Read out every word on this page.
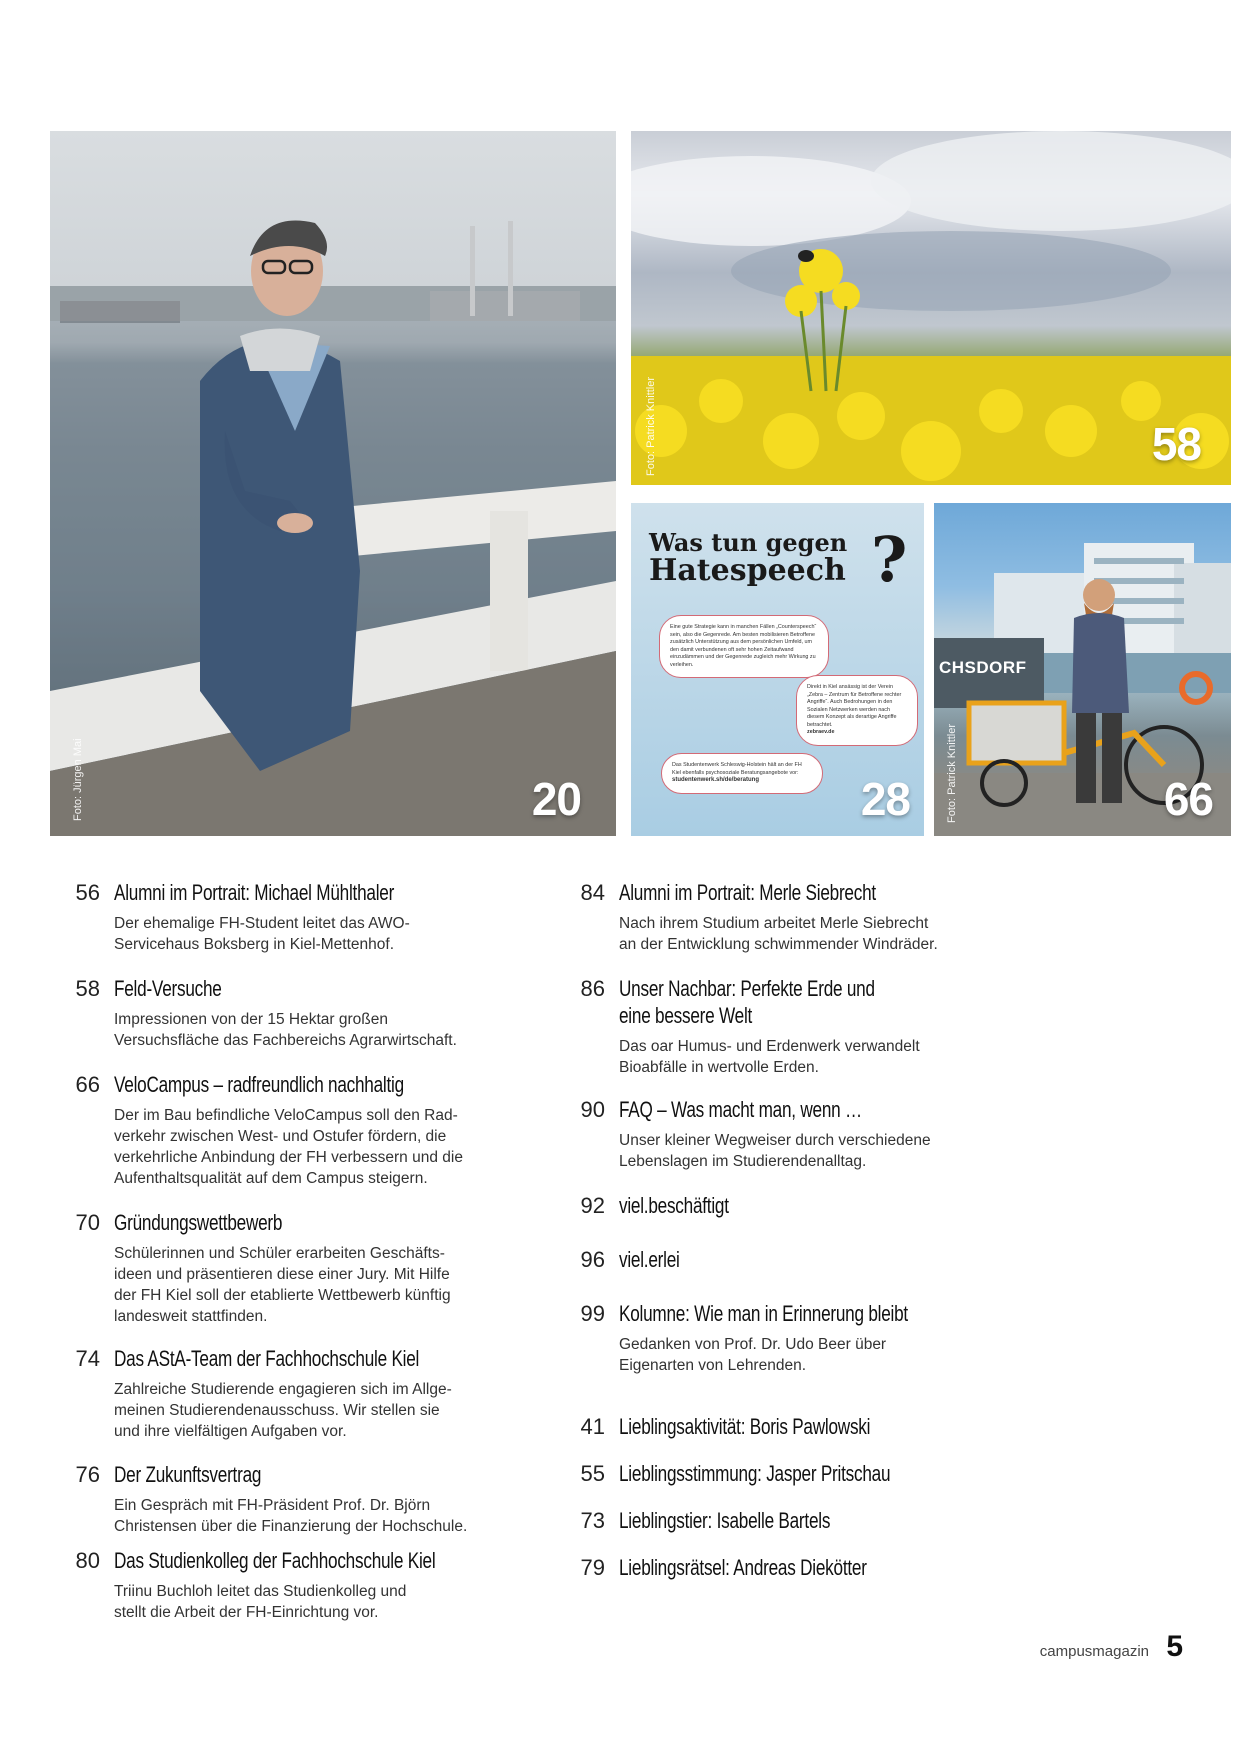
Foto: Jürgen Mai	20
Foto: Patrick Knittler	58
Was tun gegen
Hatespeech ?
Eine gute Strategie kann in manchen Fällen „Counterspeech“ sein, also die Gegenrede. Am besten mobilisieren Betroffene zusätzlich Unterstützung aus dem persönlichen Umfeld, um den damit verbundenen oft sehr hohen Zeitaufwand einzudämmen und der Gegenrede zugleich mehr Wirkung zu verleihen.
Direkt in Kiel ansässig ist der Verein „Zebra – Zentrum für Betroffene rechter Angriffe“. Auch Bedrohungen in den Sozialen Netzwerken werden nach diesem Konzept als derartige Angriffe betrachtet.
zebraev.de
Das Studentenwerk Schleswig-Holstein hält an der FH Kiel ebenfalls psychosoziale Beratungsangebote vor:
studentenwerk.sh/de/beratung	28
CHSDORF
Foto: Patrick Knittler	66
56 Alumni im Portrait: Michael Mühlthaler
Der ehemalige FH-Student leitet das AWO-
Servicehaus Boksberg in Kiel-Mettenhof.
58 Feld-Versuche
Impressionen von der 15 Hektar großen
Versuchsfläche das Fachbereichs Agrarwirtschaft.
66 VeloCampus – radfreundlich nachhaltig
Der im Bau befindliche VeloCampus soll den Rad-
verkehr zwischen West- und Ostufer fördern, die
verkehrliche Anbindung der FH verbessern und die
Aufenthaltsqualität auf dem Campus steigern.
70 Gründungswettbewerb
Schülerinnen und Schüler erarbeiten Geschäfts-
ideen und präsentieren diese einer Jury. Mit Hilfe
der FH Kiel soll der etablierte Wettbewerb künftig
landesweit stattfinden.
74 Das AStA-Team der Fachhochschule Kiel
Zahlreiche Studierende engagieren sich im Allge-
meinen Studierendenausschuss. Wir stellen sie
und ihre vielfältigen Aufgaben vor.
76 Der Zukunftsvertrag
Ein Gespräch mit FH-Präsident Prof. Dr. Björn
Christensen über die Finanzierung der Hochschule.
80 Das Studienkolleg der Fachhochschule Kiel
Triinu Buchloh leitet das Studienkolleg und
stellt die Arbeit der FH-Einrichtung vor.
84 Alumni im Portrait: Merle Siebrecht
Nach ihrem Studium arbeitet Merle Siebrecht
an der Entwicklung schwimmender Windräder.
86 Unser Nachbar: Perfekte Erde und
eine bessere Welt
Das oar Humus- und Erdenwerk verwandelt
Bioabfälle in wertvolle Erden.
90 FAQ – Was macht man, wenn …
Unser kleiner Wegweiser durch verschiedene
Lebenslagen im Studierendenalltag.
92 viel.beschäftigt
96 viel.erlei
99 Kolumne: Wie man in Erinnerung bleibt
Gedanken von Prof. Dr. Udo Beer über
Eigenarten von Lehrenden.
41 Lieblingsaktivität: Boris Pawlowski
55 Lieblingsstimmung: Jasper Pritschau
73 Lieblingstier: Isabelle Bartels
79 Lieblingsrätsel: Andreas Diekötter
campusmagazin 5
